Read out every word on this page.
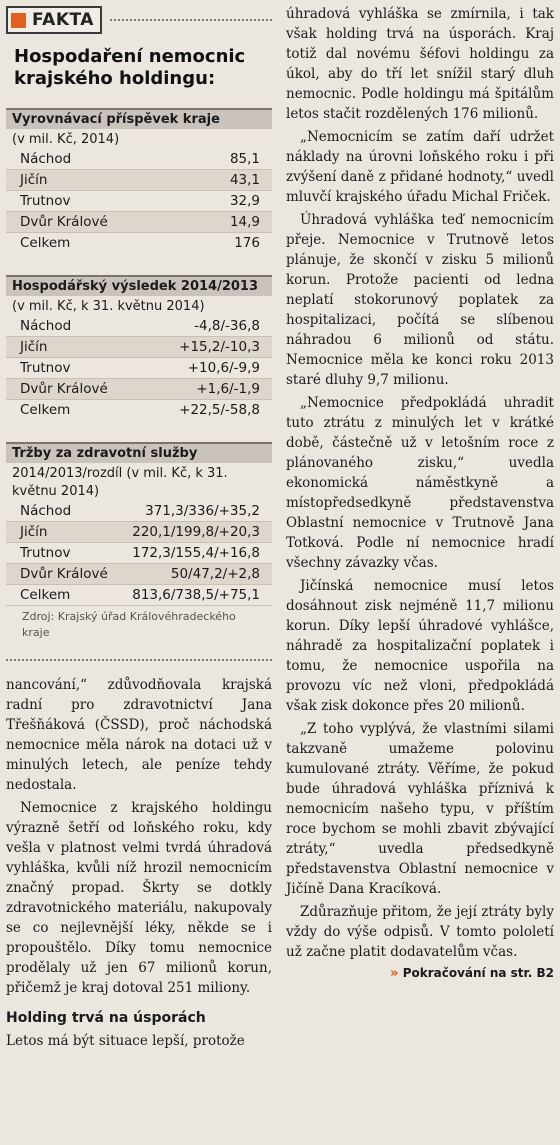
FAKTA
Hospodaření nemocnic krajského holdingu:
Vyrovnávací příspěvek kraje
(v mil. Kč, 2014)
Náchod	85,1
Jičín	43,1
Trutnov	32,9
Dvůr Králové	14,9
Celkem	176
Hospodářský výsledek 2014/2013
(v mil. Kč, k 31. květnu 2014)
Náchod	-4,8/-36,8
Jičín	+15,2/-10,3
Trutnov	+10,6/-9,9
Dvůr Králové	+1,6/-1,9
Celkem	+22,5/-58,8
Tržby za zdravotní služby
2014/2013/rozdíl (v mil. Kč, k 31. květnu 2014)
Náchod	371,3/336/+35,2
Jičín	220,1/199,8/+20,3
Trutnov	172,3/155,4/+16,8
Dvůr Králové	50/47,2/+2,8
Celkem	813,6/738,5/+75,1
Zdroj: Krajský úřad Královéhradeckého kraje

nancování,“ zdůvodňovala krajská radní pro zdravotnictví Jana Třešňáková (ČSSD), proč náchodská nemocnice měla nárok na dotaci už v minulých letech, ale peníze tehdy nedostala.

Nemocnice z krajského holdingu výrazně šetří od loňského roku, kdy vešla v platnost velmi tvrdá úhradová vyhláška, kvůli níž hrozil nemocnicím značný propad. Škrty se dotkly zdravotnického materiálu, nakupovaly se co nejlevnější léky, někde se i propouštělo. Díky tomu nemocnice prodělaly už jen 67 milionů korun, přičemž je kraj dotoval 251 miliony.

Holding trvá na úsporách

Letos má být situace lepší, protože

úhradová vyhláška se zmírnila, i tak však holding trvá na úsporách. Kraj totiž dal novému šéfovi holdingu za úkol, aby do tří let snížil starý dluh nemocnic. Podle holdingu má špitálům letos stačit rozdělených 176 milionů.

„Nemocnicím se zatím daří udržet náklady na úrovni loňského roku i při zvýšení daně z přidané hodnoty,“ uvedl mluvčí krajského úřadu Michal Friček.

Úhradová vyhláška teď nemocnicím přeje. Nemocnice v Trutnově letos plánuje, že skončí v zisku 5 milionů korun. Protože pacienti od ledna neplatí stokorunový poplatek za hospitalizaci, počítá se slíbenou náhradou 6 milionů od státu. Nemocnice měla ke konci roku 2013 staré dluhy 9,7 milionu.

„Nemocnice předpokládá uhradit tuto ztrátu z minulých let v krátké době, částečně už v letošním roce z plánovaného zisku,“ uvedla ekonomická náměstkyně a místopředsedkyně představenstva Oblastní nemocnice v Trutnově Jana Totková. Podle ní nemocnice hradí všechny závazky včas.

Jičínská nemocnice musí letos dosáhnout zisk nejméně 11,7 milionu korun. Díky lepší úhradové vyhlášce, náhradě za hospitalizační poplatek i tomu, že nemocnice uspořila na provozu víc než vloni, předpokládá však zisk dokonce přes 20 milionů.

„Z toho vyplývá, že vlastními silami takzvaně umažeme polovinu kumulované ztráty. Věříme, že pokud bude úhradová vyhláška příznivá k nemocnicím našeho typu, v příštím roce bychom se mohli zbavit zbývající ztráty,“ uvedla předsedkyně představenstva Oblastní nemocnice v Jičíně Dana Kracíková.

Zdůrazňuje přitom, že její ztráty byly vždy do výše odpisů. V tomto pololetí už začne platit dodavatelům včas.

» Pokračování na str. B2
